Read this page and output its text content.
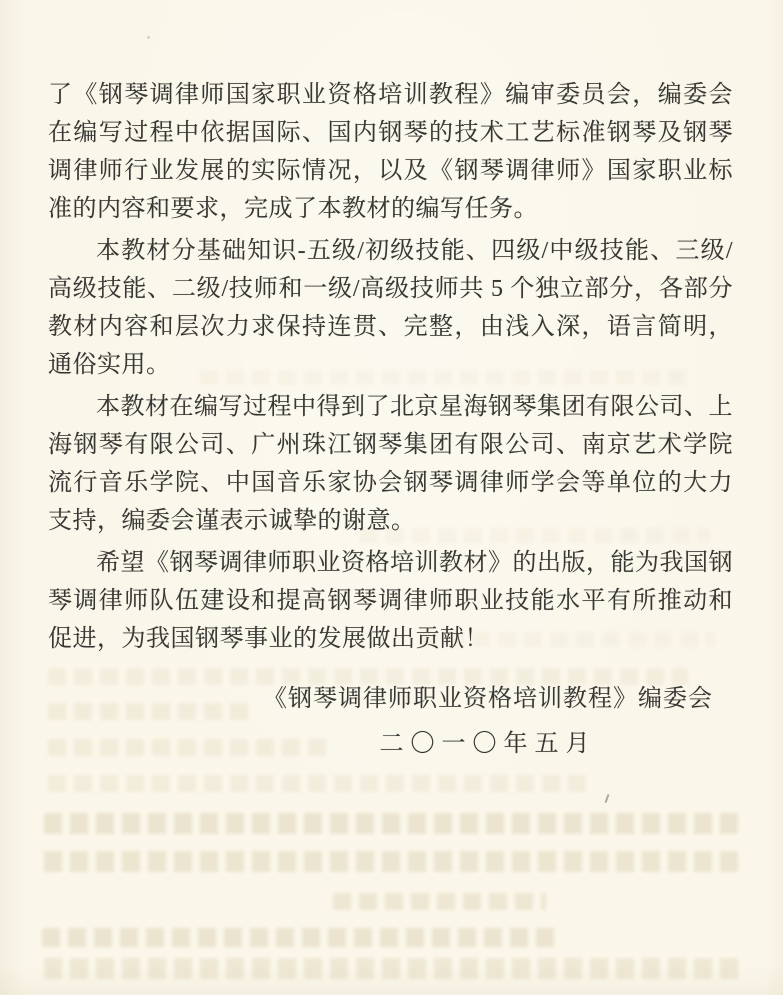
了《钢琴调律师国家职业资格培训教程》编审委员会，编委会在编写过程中依据国际、国内钢琴的技术工艺标准钢琴及钢琴调律师行业发展的实际情况，以及《钢琴调律师》国家职业标准的内容和要求，完成了本教材的编写任务。

本教材分基础知识-五级/初级技能、四级/中级技能、三级/高级技能、二级/技师和一级/高级技师共 5 个独立部分，各部分教材内容和层次力求保持连贯、完整，由浅入深，语言简明，通俗实用。

本教材在编写过程中得到了北京星海钢琴集团有限公司、上海钢琴有限公司、广州珠江钢琴集团有限公司、南京艺术学院流行音乐学院、中国音乐家协会钢琴调律师学会等单位的大力支持，编委会谨表示诚挚的谢意。

希望《钢琴调律师职业资格培训教材》的出版，能为我国钢琴调律师队伍建设和提高钢琴调律师职业技能水平有所推动和促进，为我国钢琴事业的发展做出贡献！

《钢琴调律师职业资格培训教程》编委会
二〇一〇年五月
